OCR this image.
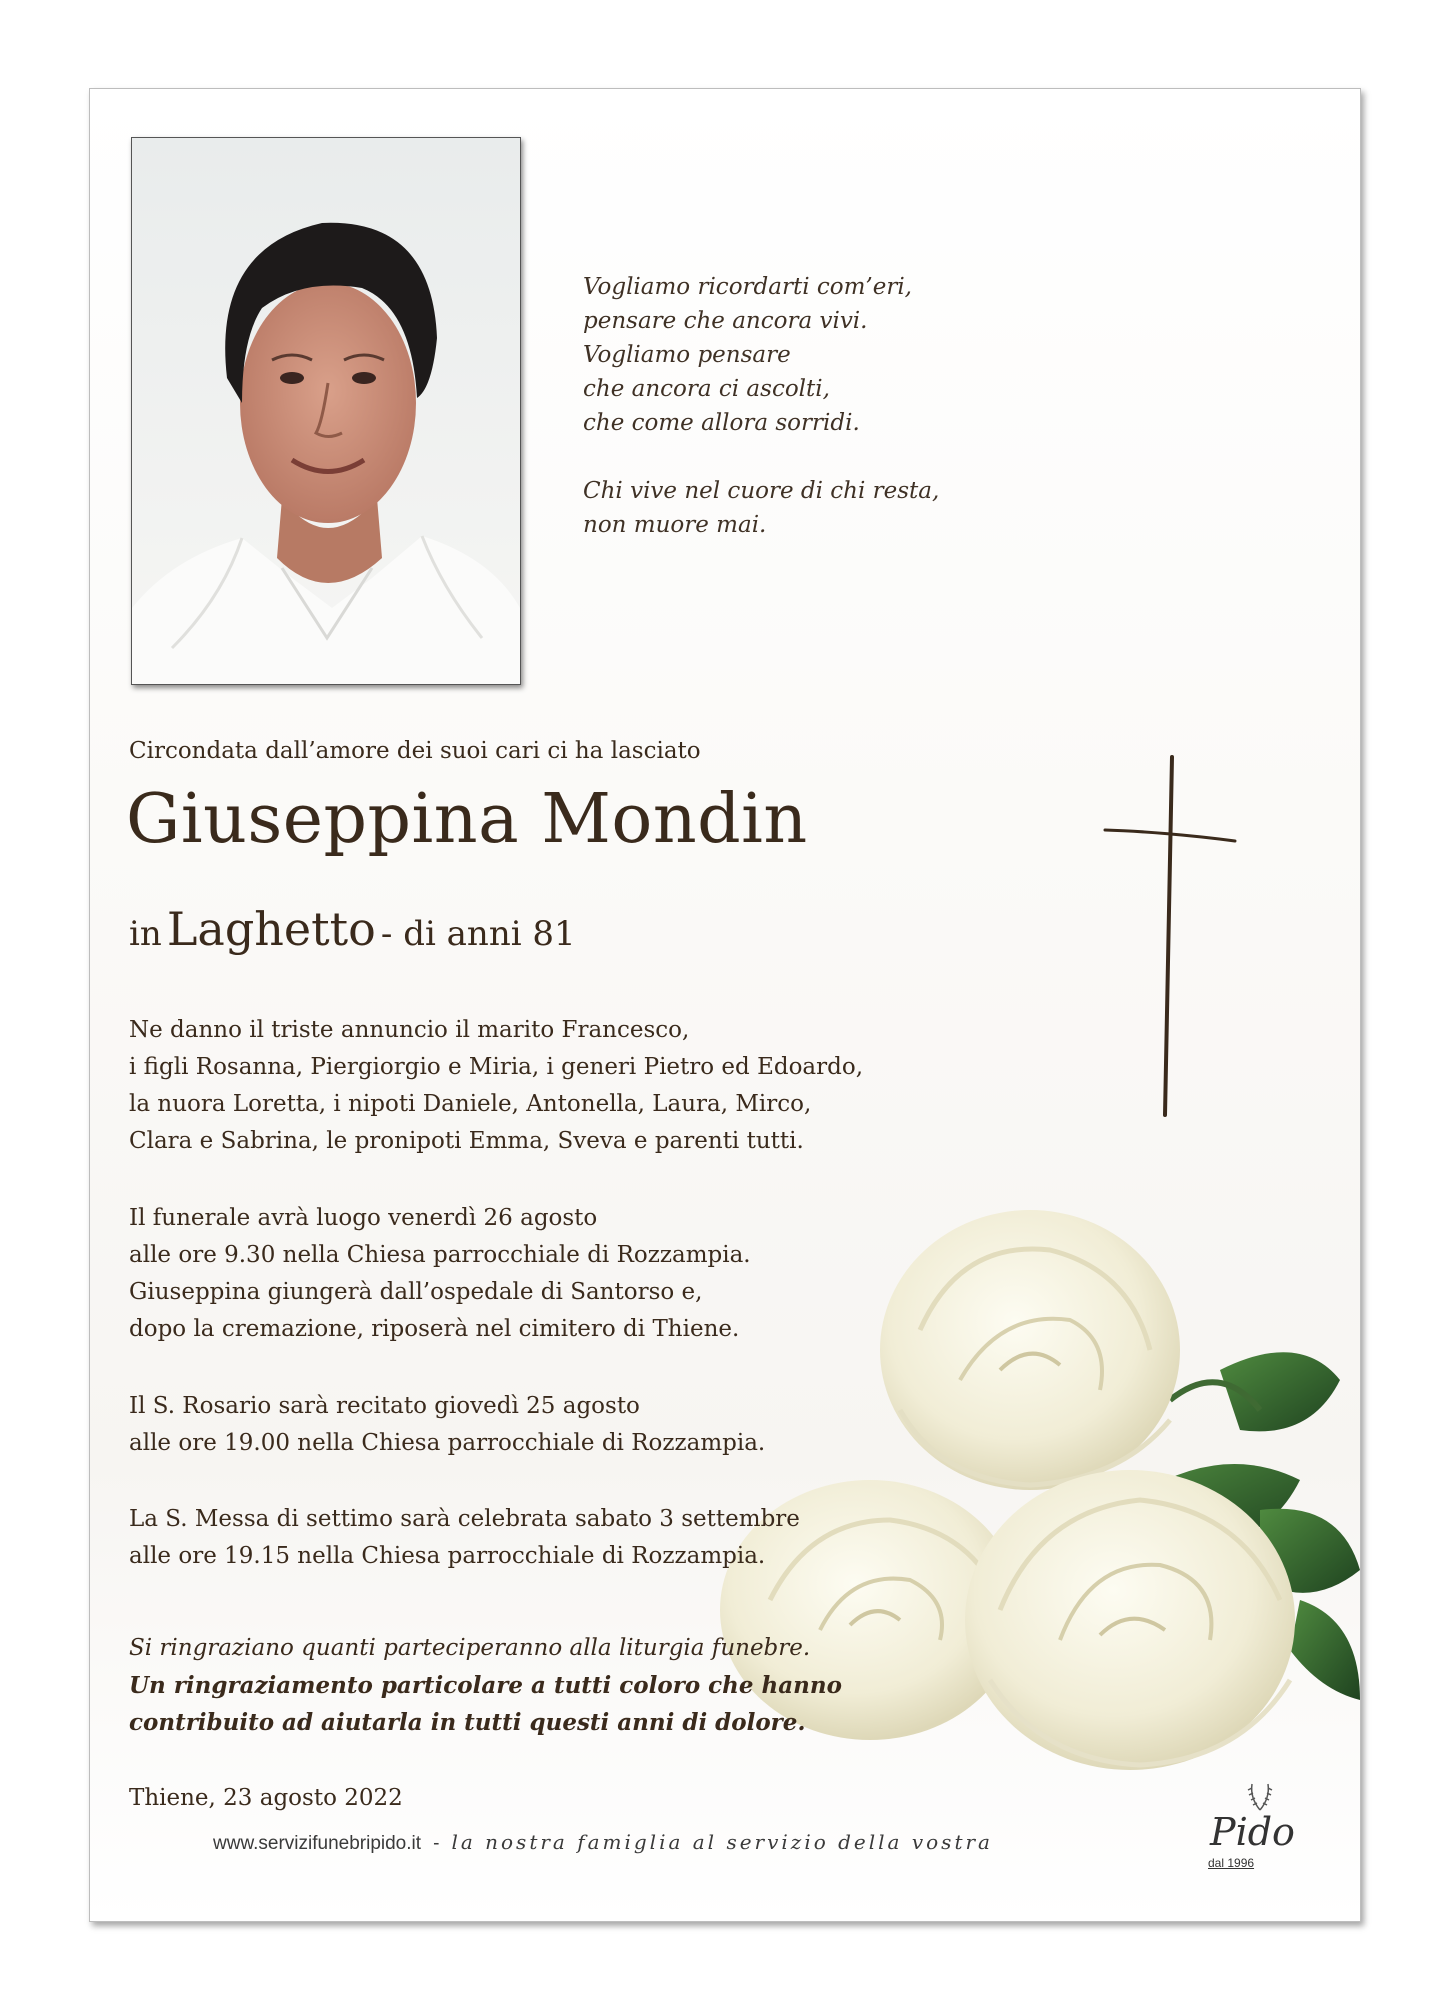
Vogliamo ricordarti com’eri,
pensare che ancora vivi.
Vogliamo pensare
che ancora ci ascolti,
che come allora sorridi.
Chi vive nel cuore di chi resta,
non muore mai.
Circondata dall’amore dei suoi cari ci ha lasciato
Giuseppina Mondin
in Laghetto - di anni 81
Ne danno il triste annuncio il marito Francesco,
i figli Rosanna, Piergiorgio e Miria, i generi Pietro ed Edoardo,
la nuora Loretta, i nipoti Daniele, Antonella, Laura, Mirco,
Clara e Sabrina, le pronipoti Emma, Sveva e parenti tutti.
Il funerale avrà luogo venerdì 26 agosto
alle ore 9.30 nella Chiesa parrocchiale di Rozzampia.
Giuseppina giungerà dall’ospedale di Santorso e,
dopo la cremazione, riposerà nel cimitero di Thiene.
Il S. Rosario sarà recitato giovedì 25 agosto
alle ore 19.00 nella Chiesa parrocchiale di Rozzampia.
La S. Messa di settimo sarà celebrata sabato 3 settembre
alle ore 19.15 nella Chiesa parrocchiale di Rozzampia.
Si ringraziano quanti parteciperanno alla liturgia funebre.
Un ringraziamento particolare a tutti coloro che hanno
contribuito ad aiutarla in tutti questi anni di dolore.
Thiene, 23 agosto 2022
www.servizifunebripido.it - la nostra famiglia al servizio della vostra	Pido
dal 1996
